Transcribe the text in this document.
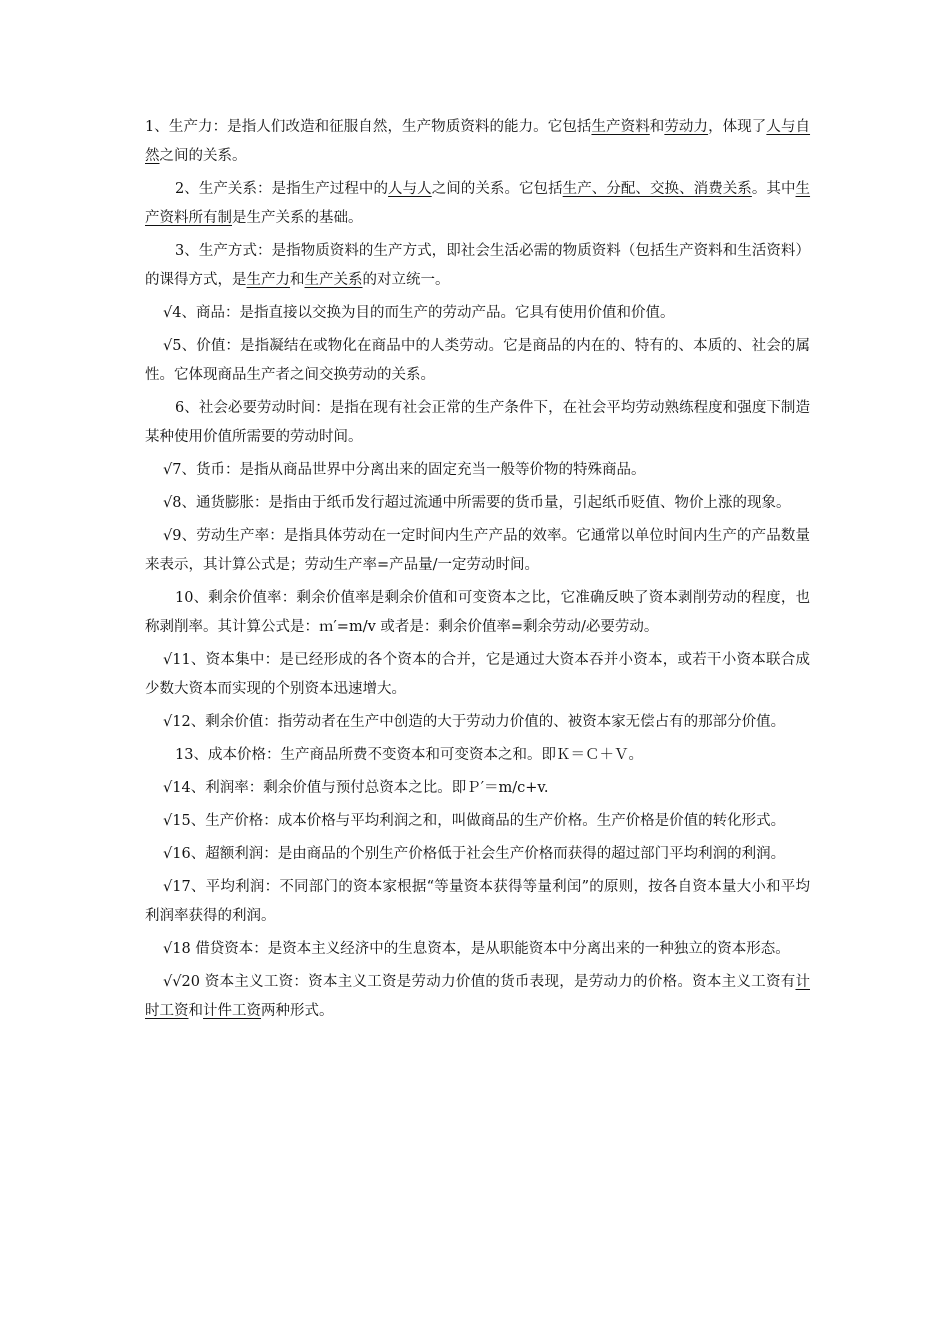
1、生产力：是指人们改造和征服自然，生产物质资料的能力。它包括生产资料和劳动力，体现了人与自然之间的关系。

2、生产关系：是指生产过程中的人与人之间的关系。它包括生产、分配、交换、消费关系。其中生产资料所有制是生产关系的基础。

3、生产方式：是指物质资料的生产方式，即社会生活必需的物质资料（包括生产资料和生活资料）的课得方式，是生产力和生产关系的对立统一。

√4、商品：是指直接以交换为目的而生产的劳动产品。它具有使用价值和价值。

√5、价值：是指凝结在或物化在商品中的人类劳动。它是商品的内在的、特有的、本质的、社会的属性。它体现商品生产者之间交换劳动的关系。

6、社会必要劳动时间：是指在现有社会正常的生产条件下，在社会平均劳动熟练程度和强度下制造某种使用价值所需要的劳动时间。

√7、货币：是指从商品世界中分离出来的固定充当一般等价物的特殊商品。

√8、通货膨胀：是指由于纸币发行超过流通中所需要的货币量，引起纸币贬值、物价上涨的现象。

√9、劳动生产率：是指具体劳动在一定时间内生产产品的效率。它通常以单位时间内生产的产品数量来表示，其计算公式是；劳动生产率=产品量/一定劳动时间。

10、剩余价值率：剩余价值率是剩余价值和可变资本之比，它准确反映了资本剥削劳动的程度，也称剥削率。其计算公式是：ｍ′=m/v 或者是：剩余价值率=剩余劳动/必要劳动。

√11、资本集中：是已经形成的各个资本的合并，它是通过大资本吞并小资本，或若干小资本联合成少数大资本而实现的个别资本迅速增大。

√12、剩余价值：指劳动者在生产中创造的大于劳动力价值的、被资本家无偿占有的那部分价值。

13、成本价格：生产商品所费不变资本和可变资本之和。即Ｋ＝Ｃ＋Ｖ。

√14、利润率：剩余价值与预付总资本之比。即Ｐ′＝m/c+v.

√15、生产价格：成本价格与平均利润之和，叫做商品的生产价格。生产价格是价值的转化形式。

√16、超额利润：是由商品的个别生产价格低于社会生产价格而获得的超过部门平均利润的利润。

√17、平均利润：不同部门的资本家根据“等量资本获得等量利闰”的原则，按各自资本量大小和平均利润率获得的利润。

√18 借贷资本：是资本主义经济中的生息资本，是从职能资本中分离出来的一种独立的资本形态。

√√20 资本主义工资：资本主义工资是劳动力价值的货币表现，是劳动力的价格。资本主义工资有计时工资和计件工资两种形式。
